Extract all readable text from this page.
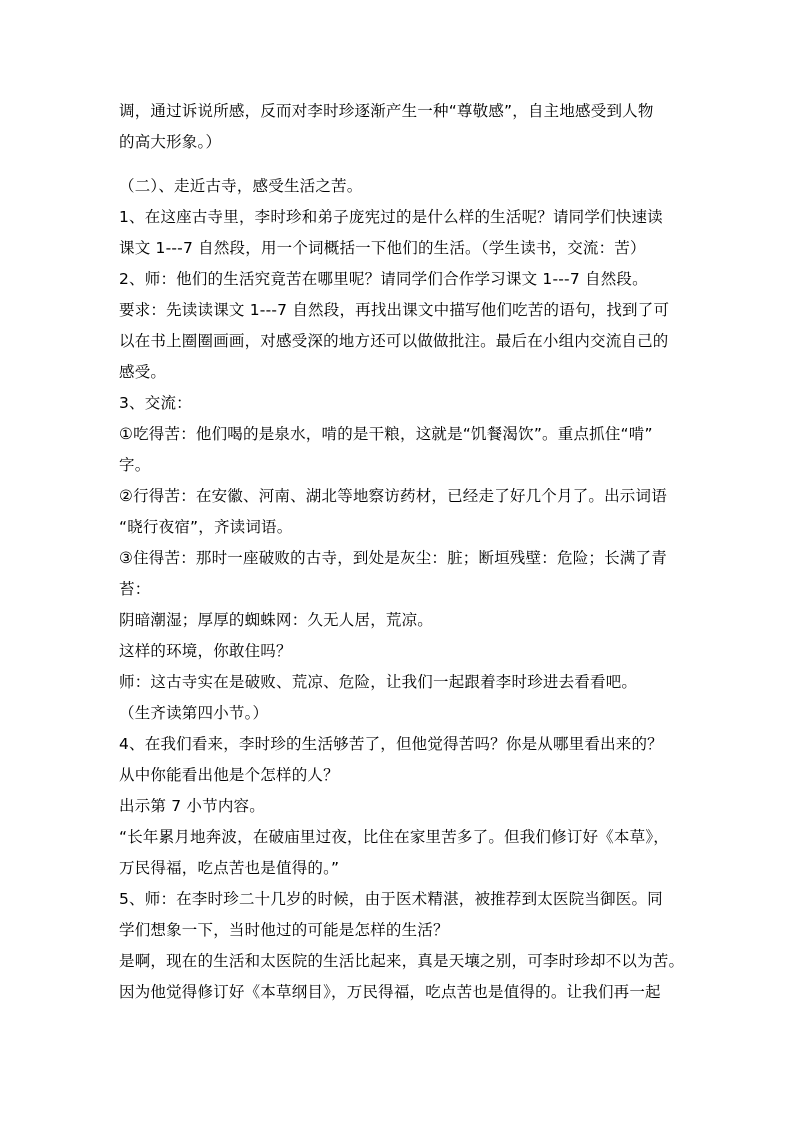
调，通过诉说所感，反而对李时珍逐渐产生一种“尊敬感”，自主地感受到人物
的高大形象。）
（二）、走近古寺，感受生活之苦。
1、在这座古寺里，李时珍和弟子庞宪过的是什么样的生活呢？请同学们快速读
课文 1---7 自然段，用一个词概括一下他们的生活。（学生读书，交流：苦）
2、师：他们的生活究竟苦在哪里呢？请同学们合作学习课文 1---7 自然段。
要求：先读读课文 1---7 自然段，再找出课文中描写他们吃苦的语句，找到了可
以在书上圈圈画画，对感受深的地方还可以做做批注。最后在小组内交流自己的
感受。
3、交流：
①吃得苦：他们喝的是泉水，啃的是干粮，这就是“饥餐渴饮”。重点抓住“啃”
字。
②行得苦：在安徽、河南、湖北等地察访药材，已经走了好几个月了。出示词语
“晓行夜宿”，齐读词语。
③住得苦：那时一座破败的古寺，到处是灰尘：脏；断垣残壁：危险；长满了青
苔：
阴暗潮湿；厚厚的蜘蛛网：久无人居，荒凉。
这样的环境，你敢住吗？
师：这古寺实在是破败、荒凉、危险，让我们一起跟着李时珍进去看看吧。
（生齐读第四小节。）
4、在我们看来，李时珍的生活够苦了，但他觉得苦吗？你是从哪里看出来的？
从中你能看出他是个怎样的人？
出示第 7 小节内容。
“长年累月地奔波，在破庙里过夜，比住在家里苦多了。但我们修订好《本草》，
万民得福，吃点苦也是值得的。”
5、师：在李时珍二十几岁的时候，由于医术精湛，被推荐到太医院当御医。同
学们想象一下，当时他过的可能是怎样的生活？
是啊，现在的生活和太医院的生活比起来，真是天壤之别，可李时珍却不以为苦。
因为他觉得修订好《本草纲目》，万民得福，吃点苦也是值得的。让我们再一起
